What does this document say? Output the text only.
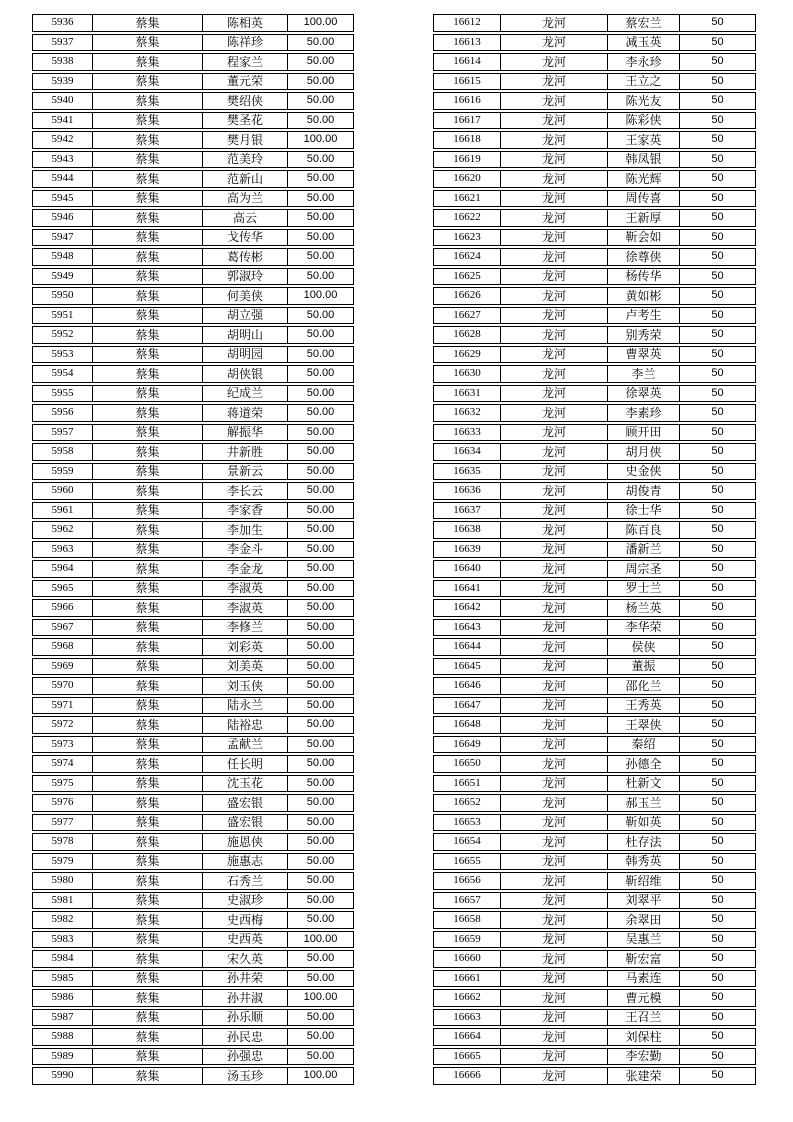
5936	蔡集	陈相英	100.00
5937	蔡集	陈祥珍	50.00
5938	蔡集	程家兰	50.00
5939	蔡集	董元荣	50.00
5940	蔡集	樊绍侠	50.00
5941	蔡集	樊圣花	50.00
5942	蔡集	樊月银	100.00
5943	蔡集	范美玲	50.00
5944	蔡集	范新山	50.00
5945	蔡集	高为兰	50.00
5946	蔡集	高云	50.00
5947	蔡集	戈传华	50.00
5948	蔡集	葛传彬	50.00
5949	蔡集	郭淑玲	50.00
5950	蔡集	何美侠	100.00
5951	蔡集	胡立强	50.00
5952	蔡集	胡明山	50.00
5953	蔡集	胡明园	50.00
5954	蔡集	胡侠银	50.00
5955	蔡集	纪成兰	50.00
5956	蔡集	蒋道荣	50.00
5957	蔡集	解振华	50.00
5958	蔡集	井新胜	50.00
5959	蔡集	景新云	50.00
5960	蔡集	李长云	50.00
5961	蔡集	李家香	50.00
5962	蔡集	李加生	50.00
5963	蔡集	李金斗	50.00
5964	蔡集	李金龙	50.00
5965	蔡集	李淑英	50.00
5966	蔡集	李淑英	50.00
5967	蔡集	李修兰	50.00
5968	蔡集	刘彩英	50.00
5969	蔡集	刘美英	50.00
5970	蔡集	刘玉侠	50.00
5971	蔡集	陆永兰	50.00
5972	蔡集	陆裕忠	50.00
5973	蔡集	孟献兰	50.00
5974	蔡集	任长明	50.00
5975	蔡集	沈玉花	50.00
5976	蔡集	盛宏银	50.00
5977	蔡集	盛宏银	50.00
5978	蔡集	施恩侠	50.00
5979	蔡集	施惠志	50.00
5980	蔡集	石秀兰	50.00
5981	蔡集	史淑珍	50.00
5982	蔡集	史西梅	50.00
5983	蔡集	史西英	100.00
5984	蔡集	宋久英	50.00
5985	蔡集	孙井荣	50.00
5986	蔡集	孙井淑	100.00
5987	蔡集	孙乐顺	50.00
5988	蔡集	孙民忠	50.00
5989	蔡集	孙强忠	50.00
5990	蔡集	汤玉珍	100.00
16612	龙河	蔡宏兰	50
16613	龙河	减玉英	50
16614	龙河	李永珍	50
16615	龙河	王立之	50
16616	龙河	陈光友	50
16617	龙河	陈彩侠	50
16618	龙河	王家英	50
16619	龙河	韩凤银	50
16620	龙河	陈光辉	50
16621	龙河	周传喜	50
16622	龙河	王新厚	50
16623	龙河	靳会如	50
16624	龙河	徐尊侠	50
16625	龙河	杨传华	50
16626	龙河	黄如彬	50
16627	龙河	卢考生	50
16628	龙河	别秀荣	50
16629	龙河	曹翠英	50
16630	龙河	李兰	50
16631	龙河	徐翠英	50
16632	龙河	李素珍	50
16633	龙河	顾开田	50
16634	龙河	胡月侠	50
16635	龙河	史金侠	50
16636	龙河	胡俊青	50
16637	龙河	徐士华	50
16638	龙河	陈百良	50
16639	龙河	潘新兰	50
16640	龙河	周宗圣	50
16641	龙河	罗士兰	50
16642	龙河	杨兰英	50
16643	龙河	李华荣	50
16644	龙河	侯侠	50
16645	龙河	董振	50
16646	龙河	邵化兰	50
16647	龙河	王秀英	50
16648	龙河	王翠侠	50
16649	龙河	秦绍	50
16650	龙河	孙德全	50
16651	龙河	杜新文	50
16652	龙河	郝玉兰	50
16653	龙河	靳如英	50
16654	龙河	杜存法	50
16655	龙河	韩秀英	50
16656	龙河	靳绍维	50
16657	龙河	刘翠平	50
16658	龙河	余翠田	50
16659	龙河	吴惠兰	50
16660	龙河	靳宏富	50
16661	龙河	马素连	50
16662	龙河	曹元模	50
16663	龙河	王召兰	50
16664	龙河	刘保柱	50
16665	龙河	李宏勤	50
16666	龙河	张建荣	50
